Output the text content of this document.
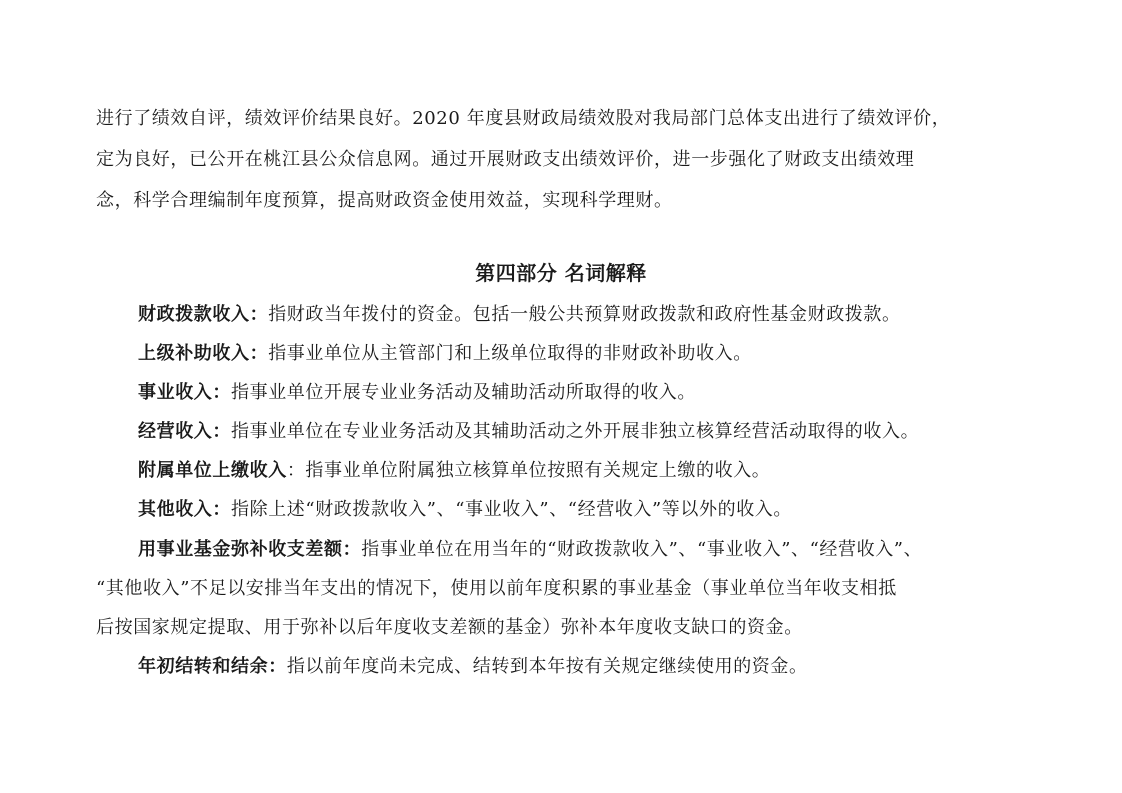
进行了绩效自评，绩效评价结果良好。2020 年度县财政局绩效股对我局部门总体支出进行了绩效评价，
定为良好，已公开在桃江县公众信息网。通过开展财政支出绩效评价，进一步强化了财政支出绩效理
念，科学合理编制年度预算，提高财政资金使用效益，实现科学理财。
第四部分 名词解释
财政拨款收入：指财政当年拨付的资金。包括一般公共预算财政拨款和政府性基金财政拨款。
上级补助收入：指事业单位从主管部门和上级单位取得的非财政补助收入。
事业收入：指事业单位开展专业业务活动及辅助活动所取得的收入。
经营收入：指事业单位在专业业务活动及其辅助活动之外开展非独立核算经营活动取得的收入。
附属单位上缴收入：指事业单位附属独立核算单位按照有关规定上缴的收入。
其他收入：指除上述“财政拨款收入”、“事业收入”、“经营收入”等以外的收入。
用事业基金弥补收支差额：指事业单位在用当年的“财政拨款收入”、“事业收入”、“经营收入”、
“其他收入”不足以安排当年支出的情况下，使用以前年度积累的事业基金（事业单位当年收支相抵
后按国家规定提取、用于弥补以后年度收支差额的基金）弥补本年度收支缺口的资金。
年初结转和结余：指以前年度尚未完成、结转到本年按有关规定继续使用的资金。
